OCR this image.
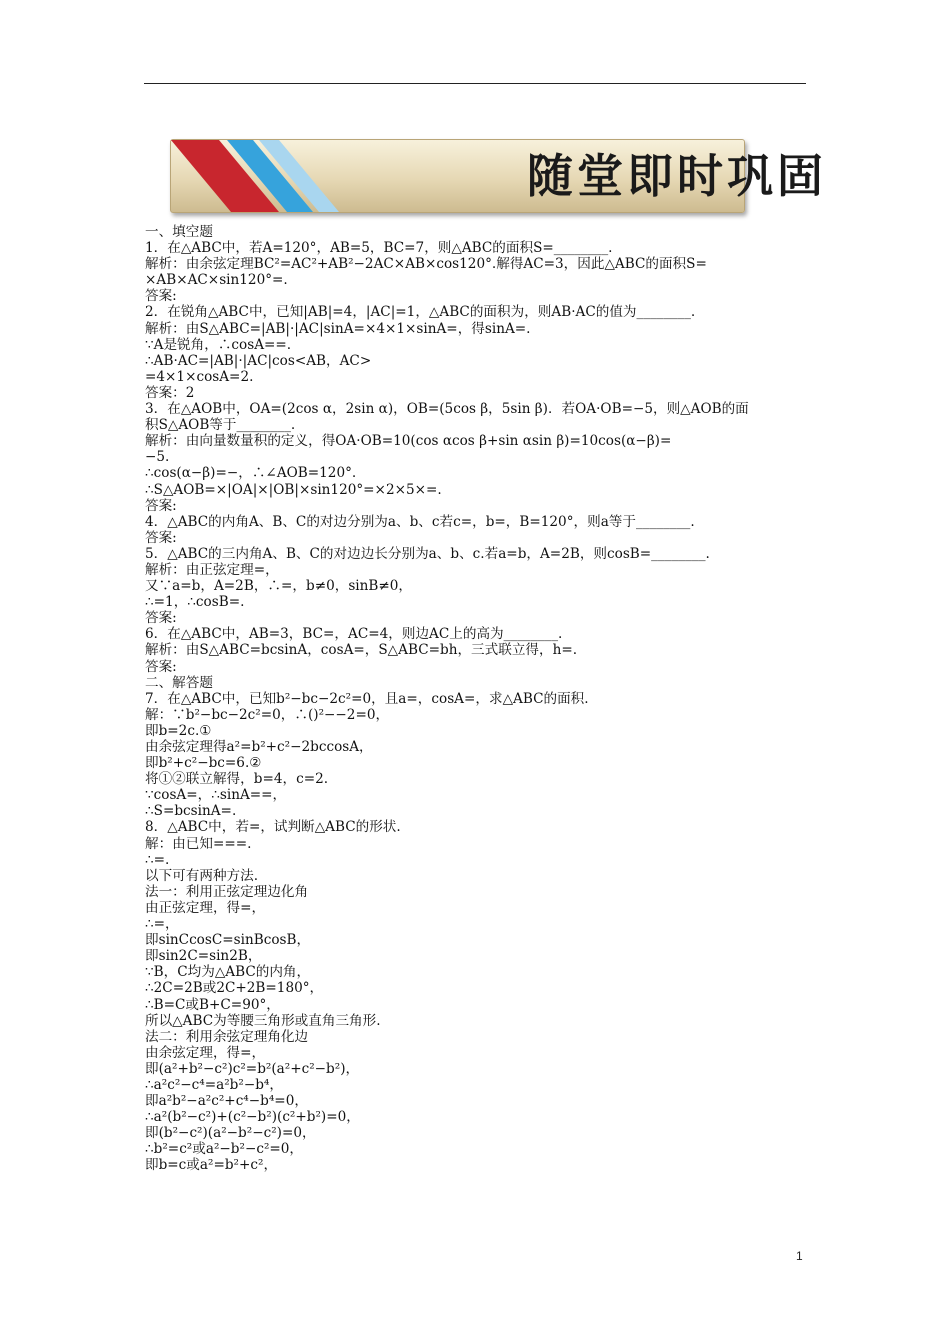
随堂即时巩固
一、填空题
1．在△ABC中，若A=120°，AB=5，BC=7，则△ABC的面积S=________.
解析：由余弦定理BC²=AC²+AB²−2AC×AB×cos120°.解得AC=3，因此△ABC的面积S=
×AB×AC×sin120°=.
答案:
2．在锐角△ABC中，已知|AB|=4，|AC|=1，△ABC的面积为，则AB·AC的值为________.
解析：由S△ABC=|AB|·|AC|sinA=×4×1×sinA=，得sinA=.
∵A是锐角，∴cosA==.
∴AB·AC=|AB|·|AC|cos<AB，AC>
=4×1×cosA=2.
答案：2
3．在△AOB中，OA=(2cos α，2sin α)，OB=(5cos β，5sin β)．若OA·OB=−5，则△AOB的面
积S△AOB等于________.
解析：由向量数量积的定义，得OA·OB=10(cos αcos β+sin αsin β)=10cos(α−β)=
−5.
∴cos(α−β)=−，∴∠AOB=120°.
∴S△AOB=×|OA|×|OB|×sin120°=×2×5×=.
答案:
4．△ABC的内角A、B、C的对边分别为a、b、c若c=，b=，B=120°，则a等于________.
答案:
5．△ABC的三内角A、B、C的对边边长分别为a、b、c.若a=b，A=2B，则cosB=________.
解析：由正弦定理=，
又∵a=b，A=2B，∴=，b≠0，sinB≠0，
∴=1，∴cosB=.
答案:
6．在△ABC中，AB=3，BC=，AC=4，则边AC上的高为________.
解析：由S△ABC=bcsinA，cosA=，S△ABC=bh，三式联立得，h=.
答案:
二、解答题
7．在△ABC中，已知b²−bc−2c²=0，且a=，cosA=，求△ABC的面积.
解：∵b²−bc−2c²=0，∴()²−−2=0，
即b=2c.①
由余弦定理得a²=b²+c²−2bccosA，
即b²+c²−bc=6.②
将①②联立解得，b=4，c=2.
∵cosA=，∴sinA==，
∴S=bcsinA=.
8．△ABC中，若=，试判断△ABC的形状.
解：由已知===.
∴=.
以下可有两种方法.
法一：利用正弦定理边化角
由正弦定理，得=，
∴=，
即sinCcosC=sinBcosB，
即sin2C=sin2B，
∵B，C均为△ABC的内角，
∴2C=2B或2C+2B=180°，
∴B=C或B+C=90°，
所以△ABC为等腰三角形或直角三角形.
法二：利用余弦定理角化边
由余弦定理，得=，
即(a²+b²−c²)c²=b²(a²+c²−b²)，
∴a²c²−c⁴=a²b²−b⁴，
即a²b²−a²c²+c⁴−b⁴=0，
∴a²(b²−c²)+(c²−b²)(c²+b²)=0，
即(b²−c²)(a²−b²−c²)=0，
∴b²=c²或a²−b²−c²=0，
即b=c或a²=b²+c²，
1
